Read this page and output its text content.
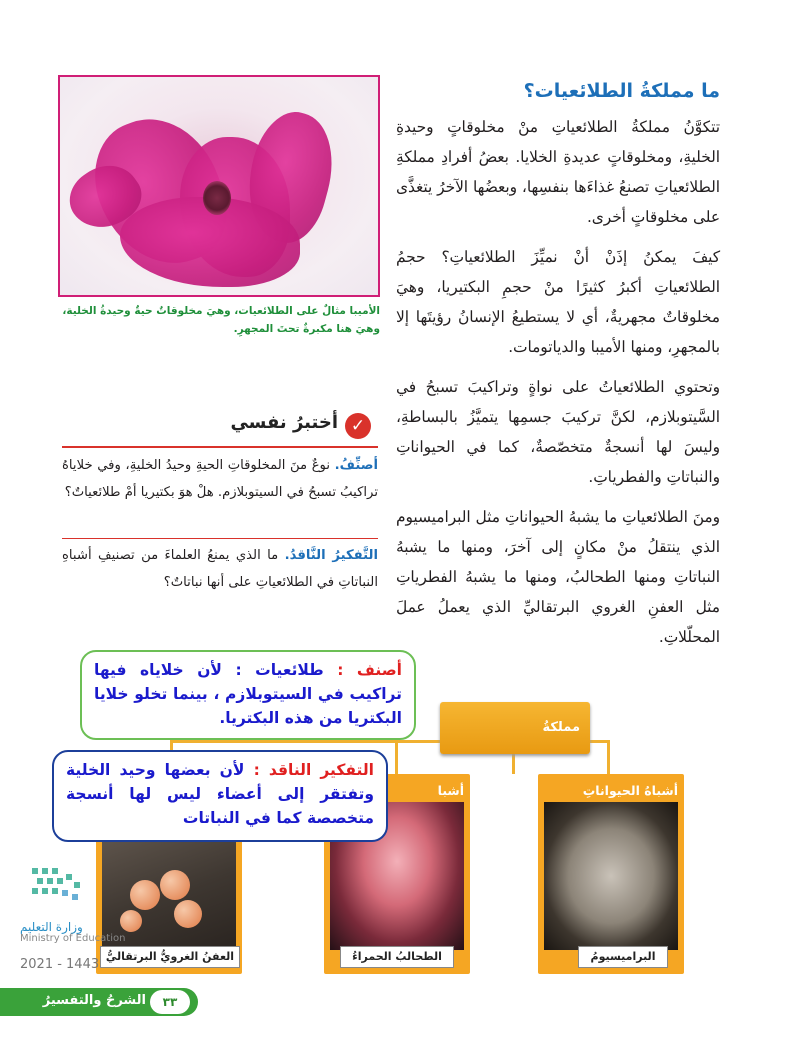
ما مملكةُ الطلائعيات؟

تتكوَّنُ مملكةُ الطلائعياتِ منْ مخلوقاتٍ وحيدةِ الخليةِ، ومخلوقاتٍ عديدةِ الخلايا. بعضُ أفرادِ مملكةِ الطلائعياتِ تصنعُ غذاءَها بنفسِها، وبعضُها الآخرُ يتغذَّى على مخلوقاتٍ أخرى.

كيفَ يمكنُ إذَنْ أنْ نميِّزَ الطلائعياتِ؟ حجمُ الطلائعياتِ أكبرُ كثيرًا منْ حجمِ البكتيريا، وهيَ مخلوقاتٌ مجهريةٌ، أي لا يستطيعُ الإنسانُ رؤيتَها إلا بالمجهرِ، ومنها الأميبا والدياتومات.

وتحتوي الطلائعياتُ على نواةٍ وتراكيبَ تسبحُ في السَّيتوبلازم، لكنَّ تركيبَ جسمِها يتميَّزُ بالبساطةِ، وليسَ لها أنسجةٌ متخصّصةٌ، كما في الحيواناتِ والنباتاتِ والفطرياتِ.

ومنَ الطلائعياتِ ما يشبهُ الحيواناتِ مثل البراميسيوم الذي ينتقلُ منْ مكانٍ إلى آخرَ، ومنها ما يشبهُ النباتاتِ ومنها الطحالبُ، ومنها ما يشبهُ الفطرياتِ مثل العفنِ الغروي البرتقاليِّ الذي يعملُ عملَ المحلّلاتِ.

الأميبا مثالٌ على الطلائعيات، وهيَ مخلوقاتٌ حيةٌ وحيدةُ الخلية،
وهيَ هنا مكبرةٌ تحتَ المجهرِ.
✓
أختبرُ نفسي
أصنِّفُ. نوعٌ منَ المخلوقاتِ الحيةِ وحيدُ الخليةِ، وفي خلاياهُ تراكيبُ تسبحُ في السيتوبلازم. هلْ هوَ بكتيريا أمْ طلائعياتٌ؟
التَّفكيرُ النَّاقدُ. ما الذي يمنعُ العلماءَ من تصنيفِ أشباهِ النباتاتِ في الطلائعياتِ على أنها نباتاتٌ؟
مملكةُ
أشباهُ الحيواناتِ
البراميسيومُ
أشبا
الطحالبُ الحمراءُ
العفنُ الغرويُّ البرتقاليُّ
أصنف : طلائعيات : لأن خلاياه فيها تراكيب في السيتوبلازم ، بينما تخلو خلايا البكتريا من هذه البكتريا.
التفكير الناقد : لأن بعضها وحيد الخلية وتفتقر إلى أعضاء ليس لها أنسجة متخصصة كما في النباتات
وزارة التعليم
Ministry of Education
2021 - 1443
٣٣
الشرحُ والتفسيرُ
